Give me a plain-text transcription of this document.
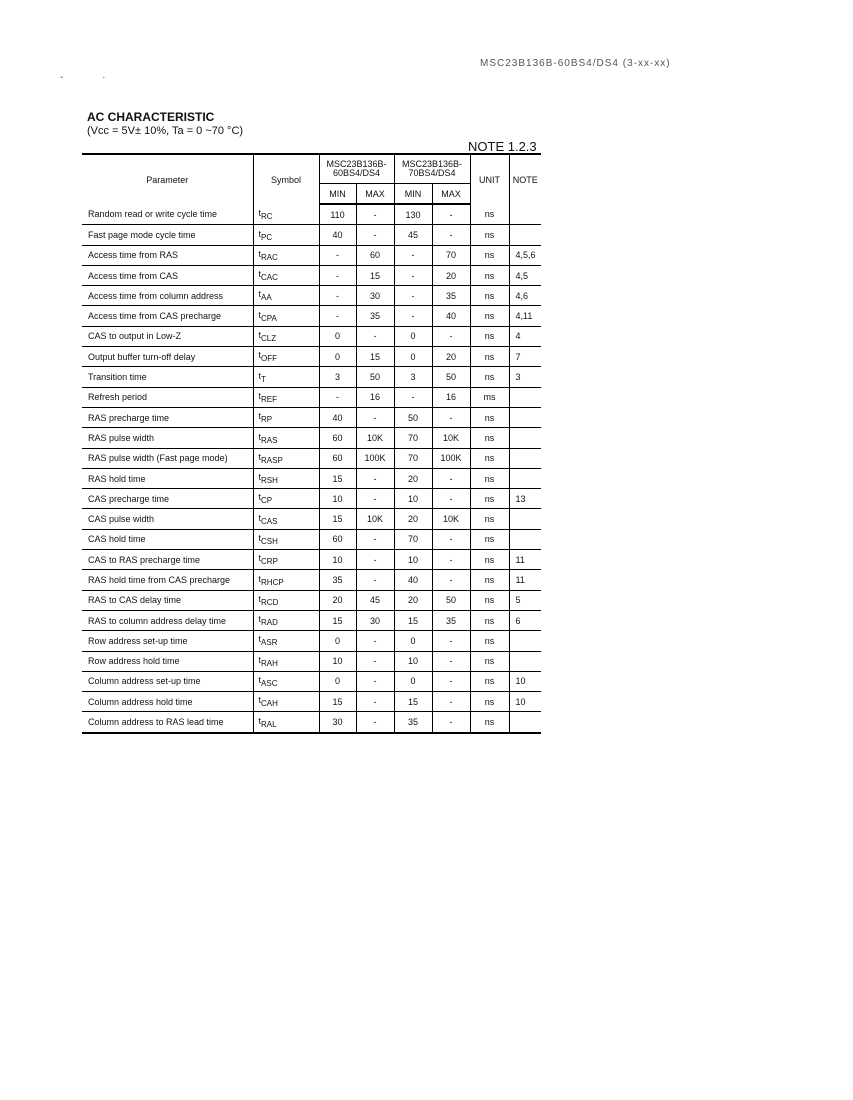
MSC23B136B-60BS4/DS4 (3-xx-xx)
-	·
AC CHARACTERISTIC
(Vcc = 5V± 10%, Ta = 0 ~70 °C)
NOTE 1.2.3
Parameter	Symbol	MSC23B136B-60BS4/DS4		MSC23B136B-70BS4/DS4		UNIT	NOTE
		MIN	MAX	MIN	MAX		
Random read or write cycle time	$t_{RC}$	110	-	130	-	ns	
Fast page mode cycle time	$t_{PC}$	40	-	45	-	ns	
Access time from RAS	$t_{RAC}$	-	60	-	70	ns	4,5,6
Access time from CAS	$t_{CAC}$	-	15	-	20	ns	4,5
Access time from column address	$t_{AA}$	-	30	-	35	ns	4,6
Access time from CAS precharge	$t_{CPA}$	-	35	-	40	ns	4,11
CAS to output in Low-Z	$t_{CLZ}$	0	-	0	-	ns	4
Output buffer turn-off delay	$t_{OFF}$	0	15	0	20	ns	7
Transition time	$t_T$	3	50	3	50	ns	3
Refresh period	$t_{REF}$	-	16	-	16	ms	
RAS precharge time	$t_{RP}$	40	-	50	-	ns	
RAS pulse width	$t_{RAS}$	60	10K	70	10K	ns	
RAS pulse width (Fast page mode)	$t_{RASP}$	60	100K	70	100K	ns	
RAS hold time	$t_{RSH}$	15	-	20	-	ns	
CAS precharge time	$t_{CP}$	10	-	10	-	ns	13
CAS pulse width	$t_{CAS}$	15	10K	20	10K	ns	
CAS hold time	$t_{CSH}$	60	-	70	-	ns	
CAS to RAS precharge time	$t_{CRP}$	10	-	10	-	ns	11
RAS hold time from CAS precharge	$t_{RHCP}$	35	-	40	-	ns	11
RAS to CAS delay time	$t_{RCD}$	20	45	20	50	ns	5
RAS to column address delay time	$t_{RAD}$	15	30	15	35	ns	6
Row address set-up time	$t_{ASR}$	0	-	0	-	ns	
Row address hold time	$t_{RAH}$	10	-	10	-	ns	
Column address set-up time	$t_{ASC}$	0	-	0	-	ns	10
Column address hold time	$t_{CAH}$	15	-	15	-	ns	10
Column address to RAS lead time	$t_{RAL}$	30	-	35	-	ns	
